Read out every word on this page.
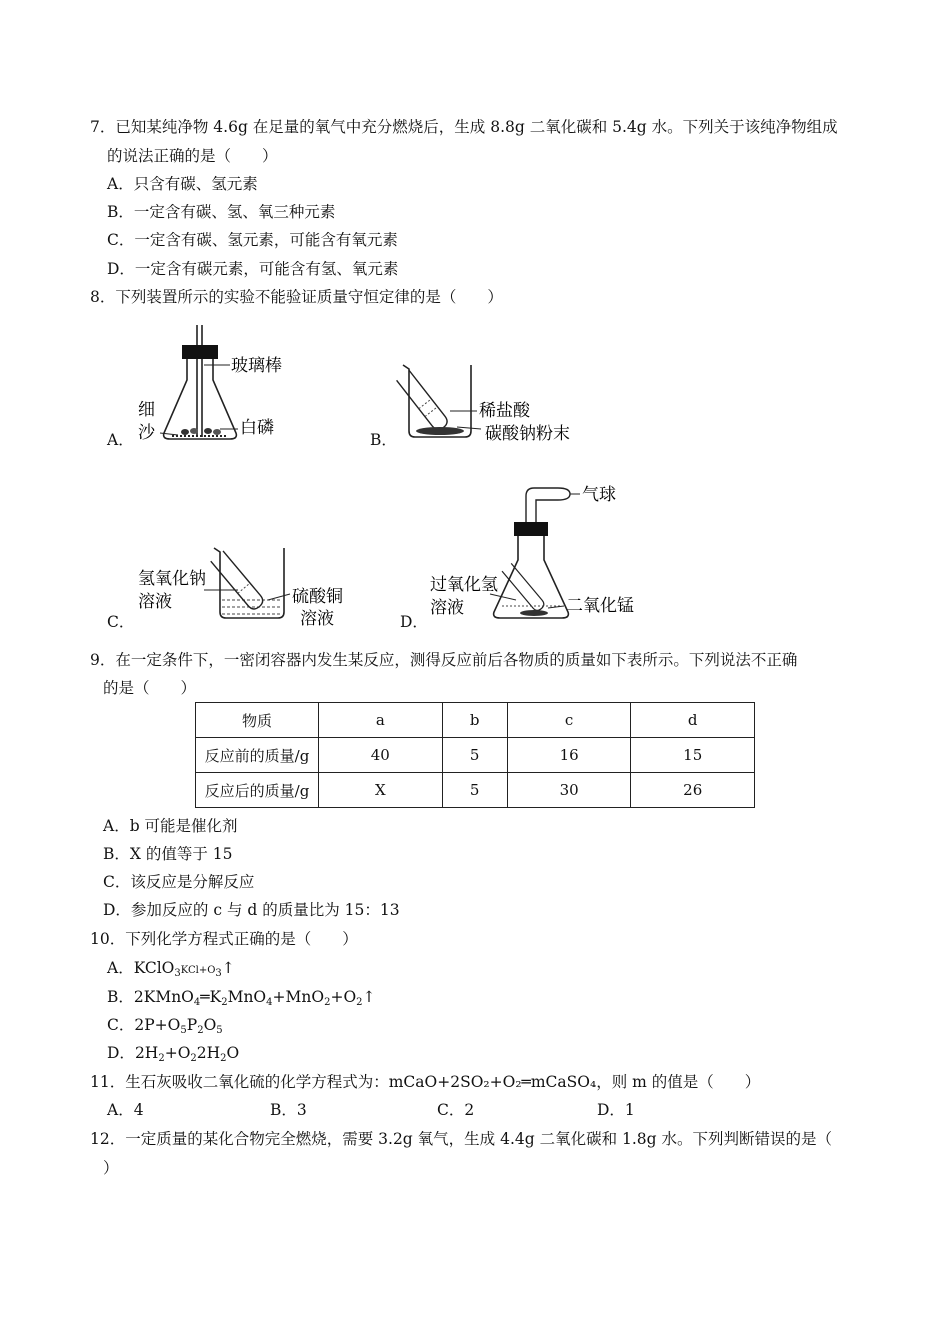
7．已知某纯净物 4.6g 在足量的氧气中充分燃烧后，生成 8.8g 二氧化碳和 5.4g 水。下列关于该纯净物组成
的说法正确的是（　　）
A．只含有碳、氢元素
B．一定含有碳、氢、氧三种元素
C．一定含有碳、氢元素，可能含有氧元素
D．一定含有碳元素，可能含有氢、氧元素
8．下列装置所示的实验不能验证质量守恒定律的是（　　）
A．	B．
C．	D．
玻璃棒
白磷
细
沙
稀盐酸
碳酸钠粉末
氢氧化钠
溶液	硫酸铜
溶液
气球
过氧化氢
溶液	二氧化锰
9．在一定条件下，一密闭容器内发生某反应，测得反应前后各物质的质量如下表所示。下列说法不正确
的是（　　）
物质	a	b	c	d
反应前的质量/g	40	5	16	15
反应后的质量/g	X	5	30	26
A．b 可能是催化剂
B．X 的值等于 15
C．该反应是分解反应
D．参加反应的 c 与 d 的质量比为 15：13
10．下列化学方程式正确的是（　　）
A．$KClO_3KCl+O_3↑$
B．$2KMnO_4═K_2MnO_4+MnO_2+O_2↑$
C．$2P+O_5P_2O_5$
D．$2H_2+O_22H_2O$
11．生石灰吸收二氧化硫的化学方程式为：mCaO+2SO₂+O₂═mCaSO₄，则 m 的值是（　　）
A．4	B．3	C．2	D．1
12．一定质量的某化合物完全燃烧，需要 3.2g 氧气，生成 4.4g 二氧化碳和 1.8g 水。下列判断错误的是（
）
